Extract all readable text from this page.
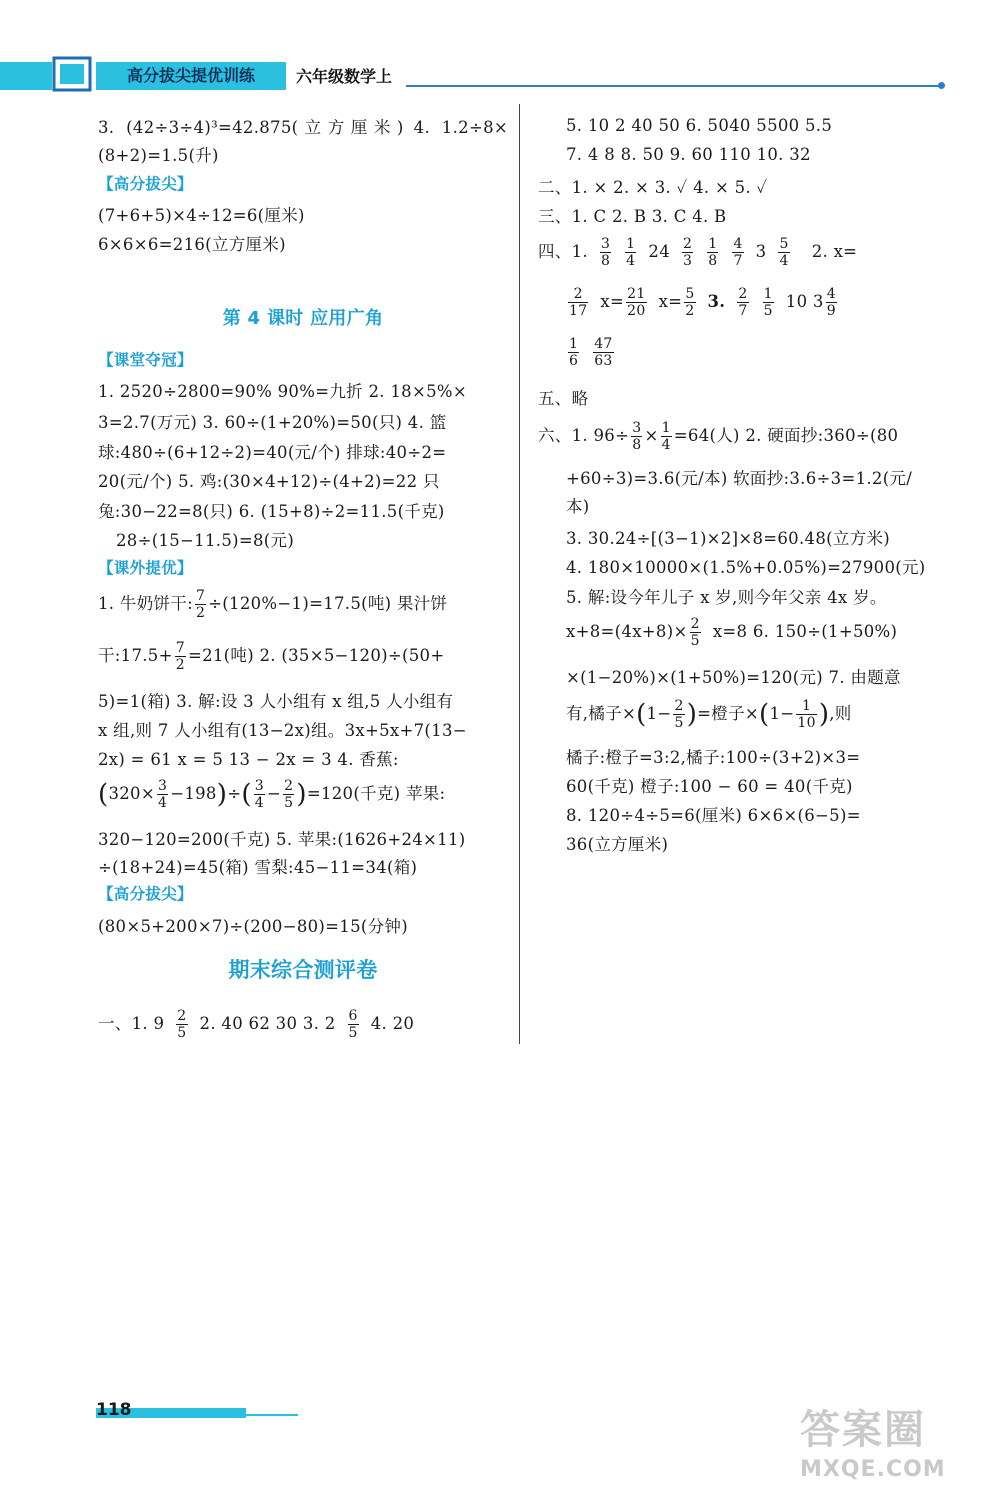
高分拔尖提优训练	六年级数学上
3. (42÷3÷4)³=42.875(立方厘米) 4. 1.2÷8×
(8+2)=1.5(升)
【高分拔尖】
(7+6+5)×4÷12=6(厘米)
6×6×6=216(立方厘米)
第 4 课时 应用广角
【课堂夺冠】
1. 2520÷2800=90% 90%=九折 2. 18×5%×
3=2.7(万元) 3. 60÷(1+20%)=50(只) 4. 篮
球:480÷(6+12÷2)=40(元/个) 排球:40÷2=
20(元/个) 5. 鸡:(30×4+12)÷(4+2)=22 只
兔:30−22=8(只) 6. (15+8)÷2=11.5(千克)
28÷(15−11.5)=8(元)
【课外提优】
1. 牛奶饼干: $\frac{7}{2} \div(120\%-1)=17.5$(吨) 果汁饼
干:17.5+ $\frac{7}{2} =21$(吨) 2. (35×5−120)÷(50+
5)=1(箱) 3. 解:设 3 人小组有 x 组,5 人小组有
x 组,则 7 人小组有(13−2x)组。3x+5x+7(13−
2x) = 61 x = 5 13 − 2x = 3 4. 香蕉:
$(320\times \frac{3}{4} -198)\div( \frac{3}{4} - \frac{2}{5} )=120$(千克) 苹果:
320−120=200(千克) 5. 苹果:(1626+24×11)
÷(18+24)=45(箱) 雪梨:45−11=34(箱)
【高分拔尖】
(80×5+200×7)÷(200−80)=15(分钟)
期末综合测评卷
一、1. $9 \frac{2}{5} 2$. 40 62 30 3. $2 \frac{6}{5} 4$. 20
5. 10 2 40 50 6. 5040 5500 5.5
7. 4 8 8. 50 9. 60 110 10. 32
二、1. × 2. × 3. ✓ 4. × 5. ✓
三、1. C 2. B 3. C 4. B
四、1. $\frac{3}{8} \frac{1}{4} 24 \frac{2}{3} \frac{1}{8} \frac{4}{7} 3 \frac{5}{4} 2$. x=
$\frac{2}{17} x= \frac{21}{20} x= \frac{5}{2} 3$. $\frac{2}{7} \frac{1}{5} 10$ $3 \frac{4}{9}$
$\frac{1}{6} \frac{47}{63}$
五、略
六、1. $96\div \frac{3}{8} \times \frac{1}{4} =64$(人) 2. 硬面抄:360÷(80
+60÷3)=3.6(元/本) 软面抄:3.6÷3=1.2(元/
本)
3. 30.24÷[(3−1)×2]×8=60.48(立方米)
4. 180×10000×(1.5%+0.05%)=27900(元)
5. 解:设今年儿子 x 岁,则今年父亲 4x 岁。
$x+8=(4x+8)\times \frac{2}{5} x=8$ 6. 150÷(1+50%)
×(1−20%)×(1+50%)=120(元) 7. 由题意
有,橘子$\times(1- \frac{2}{5}$ )=橙子$\times(1- \frac{1}{10}$ ),则
橘子:橙子=3:2,橘子:100÷(3+2)×3=
60(千克) 橙子:100 − 60 = 40(千克)
8. 120÷4÷5=6(厘米) 6×6×(6−5)=
36(立方厘米)
118	答案圈
MXQE.COM
